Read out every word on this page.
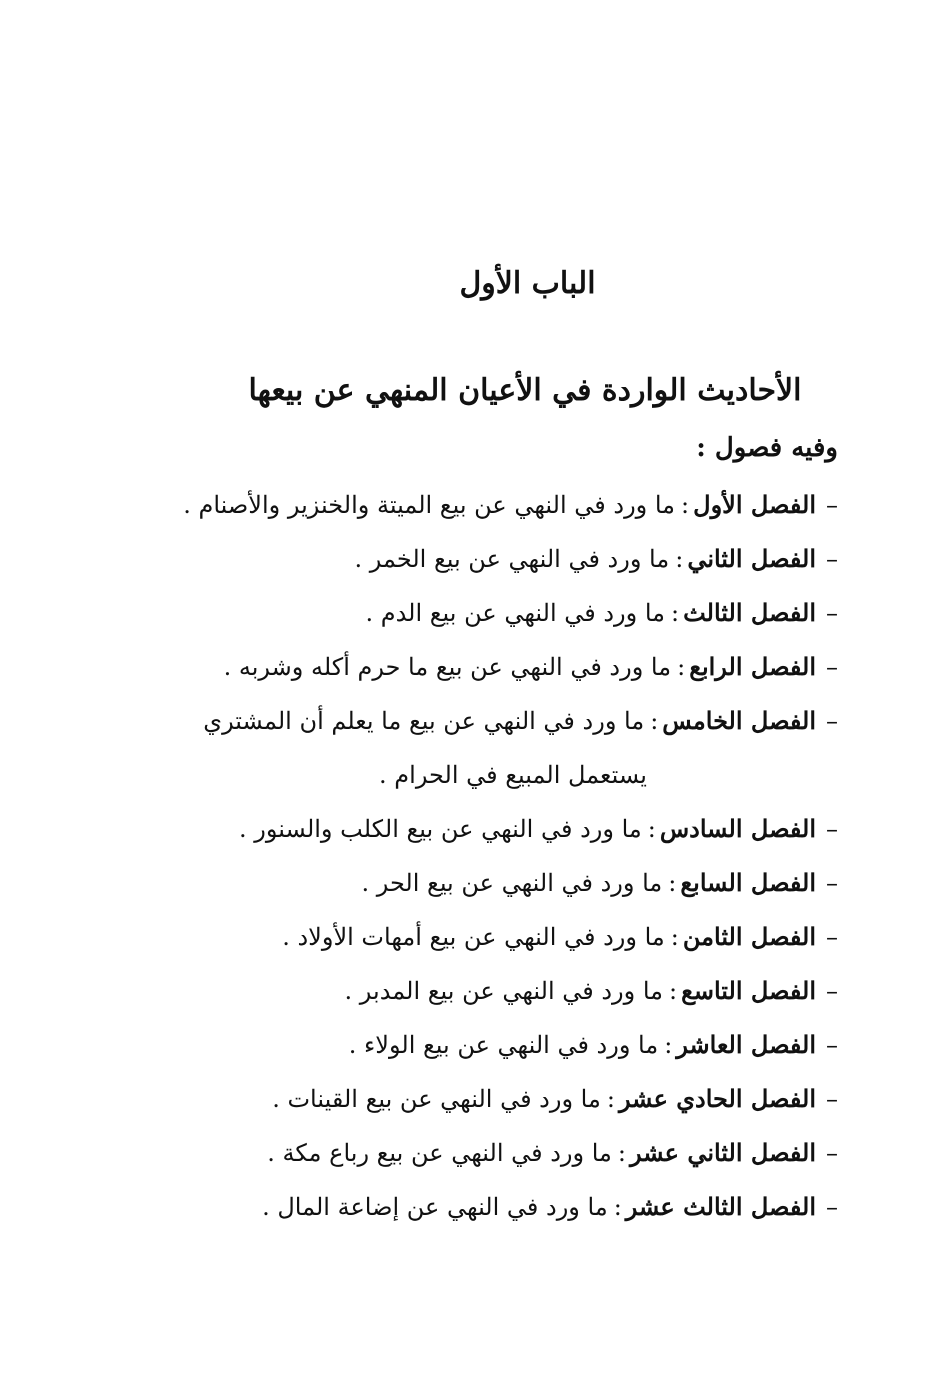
الباب الأول
الأحاديث الواردة في الأعيان المنهي عن بيعها

وفيه فصول :

–الفصل الأول:ما ورد في النهي عن بيع الميتة والخنزير والأصنام .
–الفصل الثاني:ما ورد في النهي عن بيع الخمر .
–الفصل الثالث:ما ورد في النهي عن بيع الدم .
–الفصل الرابع:ما ورد في النهي عن بيع ما حرم أكله وشربه .
–الفصل الخامس:ما ورد في النهي عن بيع ما يعلم أن المشتري
يستعمل المبيع في الحرام .
–الفصل السادس:ما ورد في النهي عن بيع الكلب والسنور .
–الفصل السابع:ما ورد في النهي عن بيع الحر .
–الفصل الثامن:ما ورد في النهي عن بيع أمهات الأولاد .
–الفصل التاسع:ما ورد في النهي عن بيع المدبر .
–الفصل العاشر:ما ورد في النهي عن بيع الولاء .
–الفصل الحادي عشر:ما ورد في النهي عن بيع القينات .
–الفصل الثاني عشر:ما ورد في النهي عن بيع رباع مكة .
–الفصل الثالث عشر:ما ورد في النهي عن إضاعة المال .
